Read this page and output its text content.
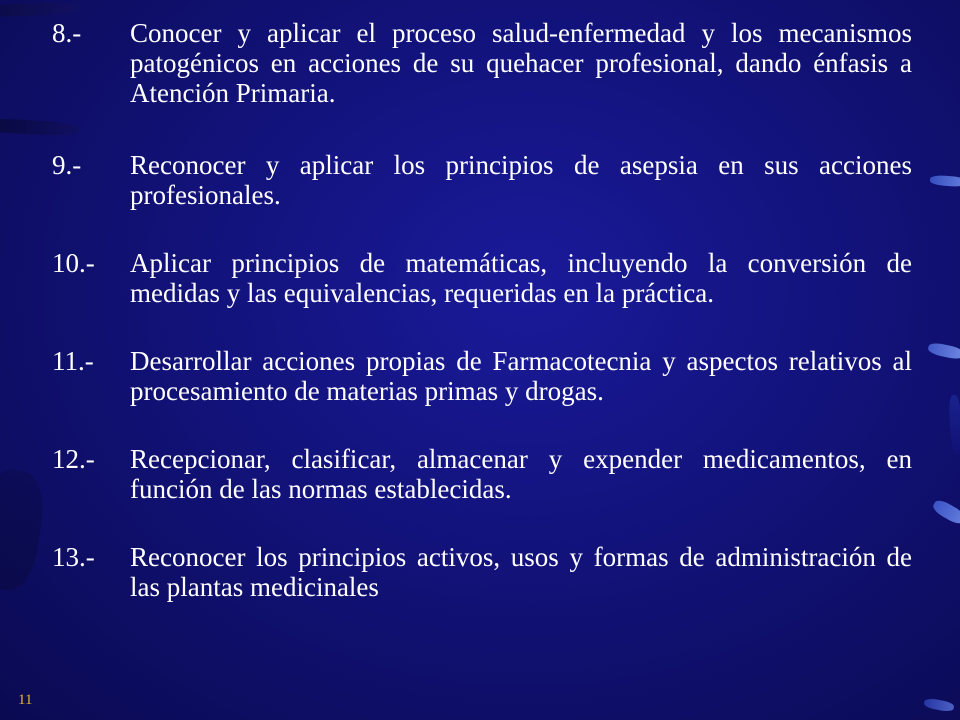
8.-	Conocer y aplicar el proceso salud-enfermedad y los mecanismos patogénicos en acciones de su quehacer profesional, dando énfasis a Atención Primaria.
9.-	Reconocer y aplicar los principios de asepsia en sus acciones profesionales.
10.-	Aplicar principios de matemáticas, incluyendo la conversión de medidas y las equivalencias, requeridas en la práctica.
11.-	Desarrollar acciones propias de Farmacotecnia y aspectos relativos al procesamiento de materias primas y drogas.
12.-	Recepcionar, clasificar, almacenar y expender medicamentos, en función de las normas establecidas.
13.-	Reconocer los principios activos, usos y formas de administración de las plantas medicinales
11
